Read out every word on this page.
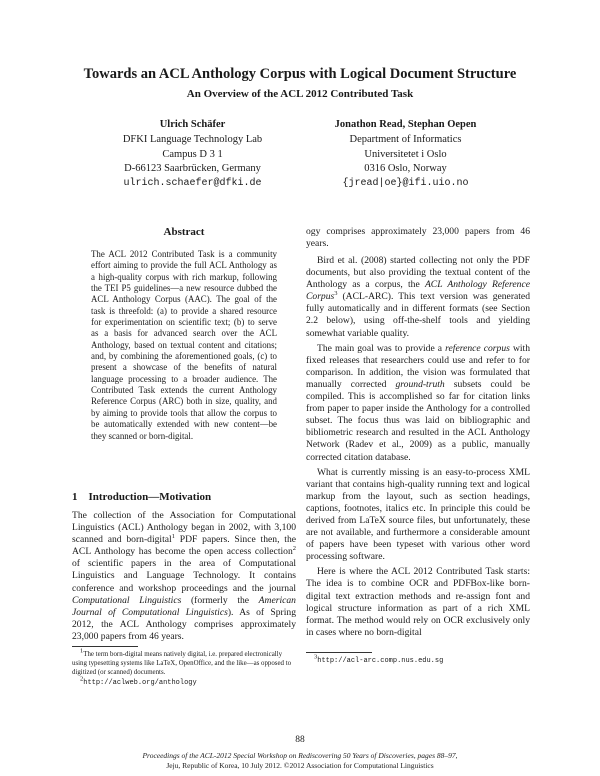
Towards an ACL Anthology Corpus with Logical Document Structure
An Overview of the ACL 2012 Contributed Task
Ulrich Schäfer
DFKI Language Technology Lab
Campus D 3 1
D-66123 Saarbrücken, Germany
ulrich.schaefer@dfki.de
Jonathon Read, Stephan Oepen
Department of Informatics
Universitetet i Oslo
0316 Oslo, Norway
{jread|oe}@ifi.uio.no
Abstract

The ACL 2012 Contributed Task is a community effort aiming to provide the full ACL Anthology as a high-quality corpus with rich markup, following the TEI P5 guidelines—a new resource dubbed the ACL Anthology Corpus (AAC). The goal of the task is threefold: (a) to provide a shared resource for experimentation on scientific text; (b) to serve as a basis for advanced search over the ACL Anthology, based on textual content and citations; and, by combining the aforementioned goals, (c) to present a showcase of the benefits of natural language processing to a broader audience. The Contributed Task extends the current Anthology Reference Corpus (ARC) both in size, quality, and by aiming to provide tools that allow the corpus to be automatically extended with new content—be they scanned or born-digital.

1 Introduction—Motivation

The collection of the Association for Computational Linguistics (ACL) Anthology began in 2002, with 3,100 scanned and born-digital$^1$ PDF papers. Since then, the ACL Anthology has become the open access collection$^2$ of scientific papers in the area of Computational Linguistics and Language Technology. It contains conference and workshop proceedings and the journal Computational Linguistics (formerly the American Journal of Computational Linguistics). As of Spring 2012, the ACL Anthology comprises approximately 23,000 papers from 46 years.

$^1$The term born-digital means natively digital, i.e. prepared electronically using typesetting systems like LaTeX, OpenOffice, and the like—as opposed to digitized (or scanned) documents.

$^2$http://aclweb.org/anthology

ogy comprises approximately 23,000 papers from 46 years.

Bird et al. (2008) started collecting not only the PDF documents, but also providing the textual content of the Anthology as a corpus, the ACL Anthology Reference Corpus$^3$ (ACL-ARC). This text version was generated fully automatically and in different formats (see Section 2.2 below), using off-the-shelf tools and yielding somewhat variable quality.

The main goal was to provide a reference corpus with fixed releases that researchers could use and refer to for comparison. In addition, the vision was formulated that manually corrected ground-truth subsets could be compiled. This is accomplished so far for citation links from paper to paper inside the Anthology for a controlled subset. The focus thus was laid on bibliographic and bibliometric research and resulted in the ACL Anthology Network (Radev et al., 2009) as a public, manually corrected citation database.

What is currently missing is an easy-to-process XML variant that contains high-quality running text and logical markup from the layout, such as section headings, captions, footnotes, italics etc. In principle this could be derived from LaTeX source files, but unfortunately, these are not available, and furthermore a considerable amount of papers have been typeset with various other word processing software.

Here is where the ACL 2012 Contributed Task starts: The idea is to combine OCR and PDFBox-like born-digital text extraction methods and re-assign font and logical structure information as part of a rich XML format. The method would rely on OCR exclusively only in cases where no born-digital

$^3$http://acl-arc.comp.nus.edu.sg

88
Proceedings of the ACL-2012 Special Workshop on Rediscovering 50 Years of Discoveries, pages 88–97,
Jeju, Republic of Korea, 10 July 2012. ©2012 Association for Computational Linguistics
